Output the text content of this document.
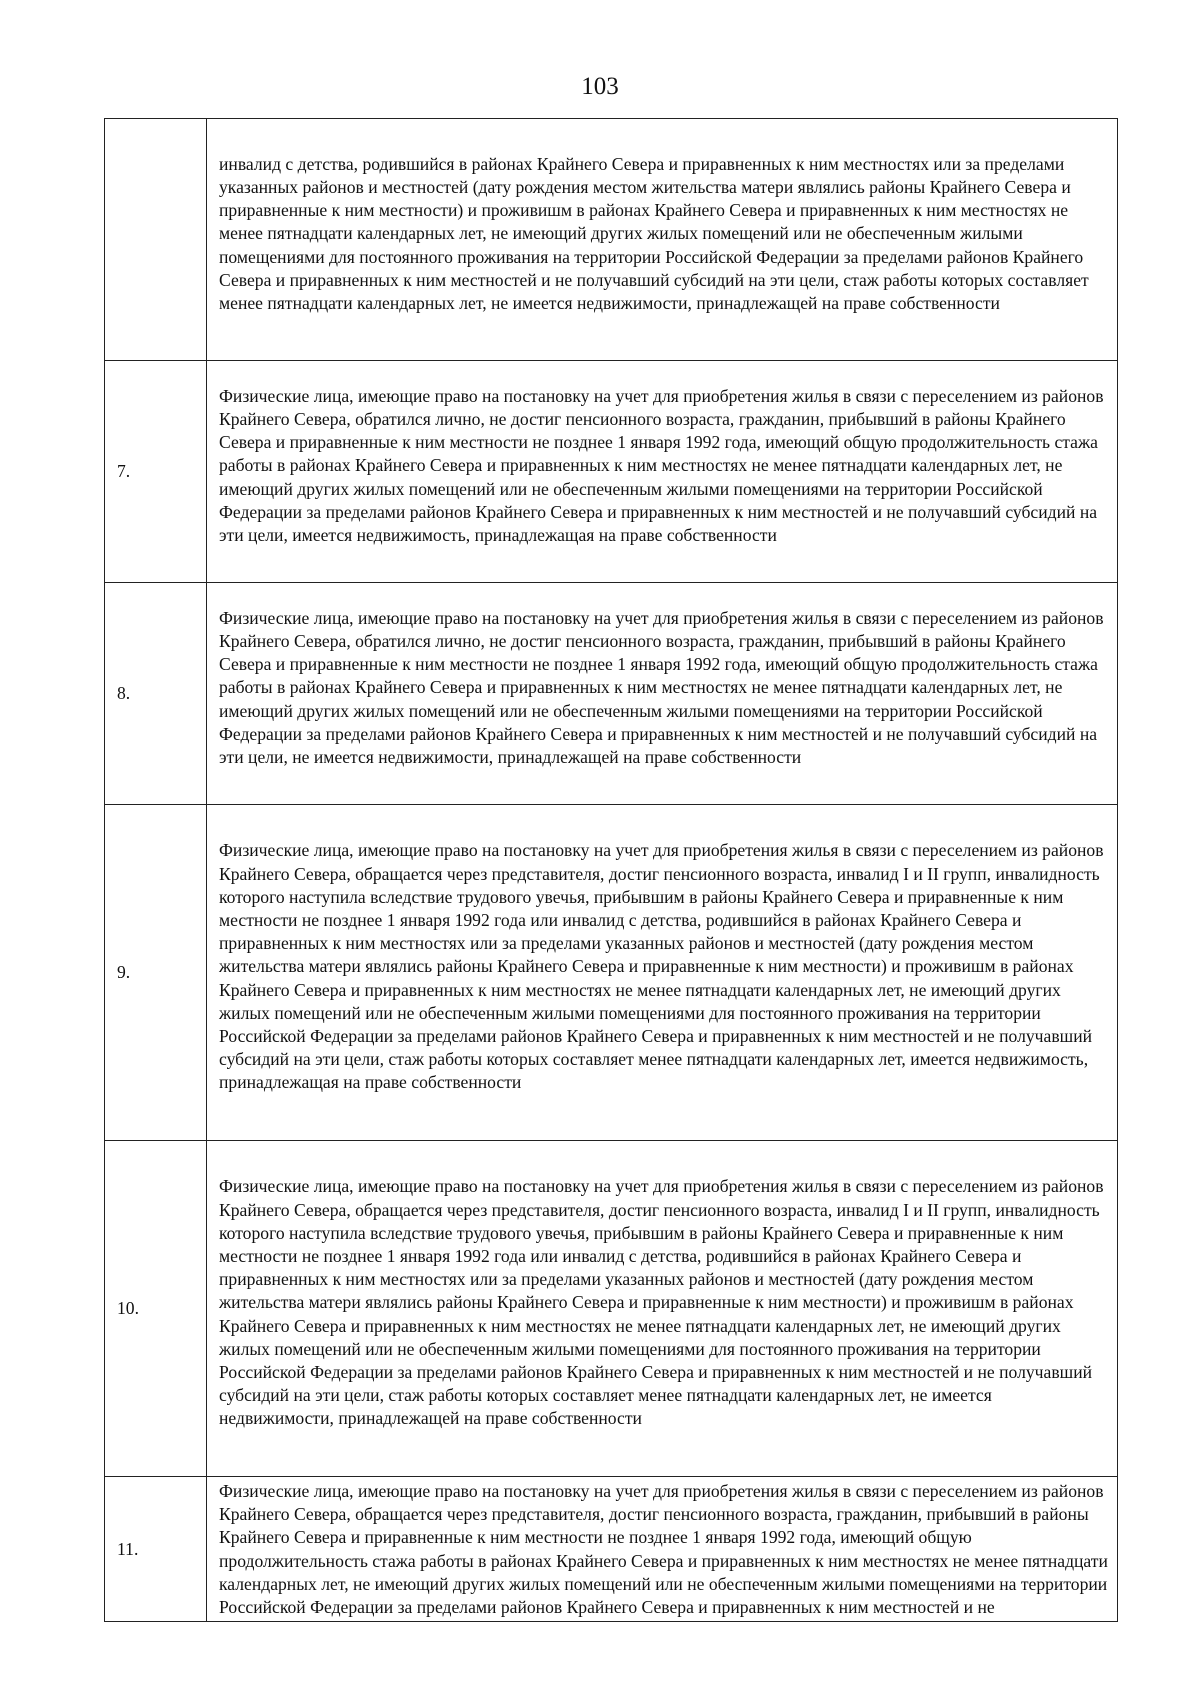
103
	инвалид с детства, родившийся в районах Крайнего Севера и приравненных к ним местностях или за пределами указанных районов и местностей (дату рождения местом жительства матери являлись районы Крайнего Севера и приравненные к ним местности) и проживишм в районах Крайнего Севера и приравненных к ним местностях не менее пятнадцати календарных лет, не имеющий других жилых помещений или не обеспеченным жилыми помещениями для постоянного проживания на территории Российской Федерации за пределами районов Крайнего Севера и приравненных к ним местностей и не получавший субсидий на эти цели, стаж работы которых составляет менее пятнадцати календарных лет, не имеется недвижимости, принадлежащей на праве собственности
7.	Физические лица, имеющие право на постановку на учет для приобретения жилья в связи с переселением из районов Крайнего Севера, обратился лично, не достиг пенсионного возраста, гражданин, прибывший в районы Крайнего Севера и приравненные к ним местности не позднее 1 января 1992 года, имеющий общую продолжительность стажа работы в районах Крайнего Севера и приравненных к ним местностях не менее пятнадцати календарных лет, не имеющий других жилых помещений или не обеспеченным жилыми помещениями на территории Российской Федерации за пределами районов Крайнего Севера и приравненных к ним местностей и не получавший субсидий на эти цели, имеется недвижимость, принадлежащая на праве собственности
8.	Физические лица, имеющие право на постановку на учет для приобретения жилья в связи с переселением из районов Крайнего Севера, обратился лично, не достиг пенсионного возраста, гражданин, прибывший в районы Крайнего Севера и приравненные к ним местности не позднее 1 января 1992 года, имеющий общую продолжительность стажа работы в районах Крайнего Севера и приравненных к ним местностях не менее пятнадцати календарных лет, не имеющий других жилых помещений или не обеспеченным жилыми помещениями на территории Российской Федерации за пределами районов Крайнего Севера и приравненных к ним местностей и не получавший субсидий на эти цели, не имеется недвижимости, принадлежащей на праве собственности
9.	Физические лица, имеющие право на постановку на учет для приобретения жилья в связи с переселением из районов Крайнего Севера, обращается через представителя, достиг пенсионного возраста, инвалид I и II групп, инвалидность которого наступила вследствие трудового увечья, прибывшим в районы Крайнего Севера и приравненные к ним местности не позднее 1 января 1992 года или инвалид с детства, родившийся в районах Крайнего Севера и приравненных к ним местностях или за пределами указанных районов и местностей (дату рождения местом жительства матери являлись районы Крайнего Севера и приравненные к ним местности) и проживишм в районах Крайнего Севера и приравненных к ним местностях не менее пятнадцати календарных лет, не имеющий других жилых помещений или не обеспеченным жилыми помещениями для постоянного проживания на территории Российской Федерации за пределами районов Крайнего Севера и приравненных к ним местностей и не получавший субсидий на эти цели, стаж работы которых составляет менее пятнадцати календарных лет, имеется недвижимость, принадлежащая на праве собственности
10.	Физические лица, имеющие право на постановку на учет для приобретения жилья в связи с переселением из районов Крайнего Севера, обращается через представителя, достиг пенсионного возраста, инвалид I и II групп, инвалидность которого наступила вследствие трудового увечья, прибывшим в районы Крайнего Севера и приравненные к ним местности не позднее 1 января 1992 года или инвалид с детства, родившийся в районах Крайнего Севера и приравненных к ним местностях или за пределами указанных районов и местностей (дату рождения местом жительства матери являлись районы Крайнего Севера и приравненные к ним местности) и проживишм в районах Крайнего Севера и приравненных к ним местностях не менее пятнадцати календарных лет, не имеющий других жилых помещений или не обеспеченным жилыми помещениями для постоянного проживания на территории Российской Федерации за пределами районов Крайнего Севера и приравненных к ним местностей и не получавший субсидий на эти цели, стаж работы которых составляет менее пятнадцати календарных лет, не имеется недвижимости, принадлежащей на праве собственности
11.	Физические лица, имеющие право на постановку на учет для приобретения жилья в связи с переселением из районов Крайнего Севера, обращается через представителя, достиг пенсионного возраста, гражданин, прибывший в районы Крайнего Севера и приравненные к ним местности не позднее 1 января 1992 года, имеющий общую продолжительность стажа работы в районах Крайнего Севера и приравненных к ним местностях не менее пятнадцати календарных лет, не имеющий других жилых помещений или не обеспеченным жилыми помещениями на территории Российской Федерации за пределами районов Крайнего Севера и приравненных к ним местностей и не
